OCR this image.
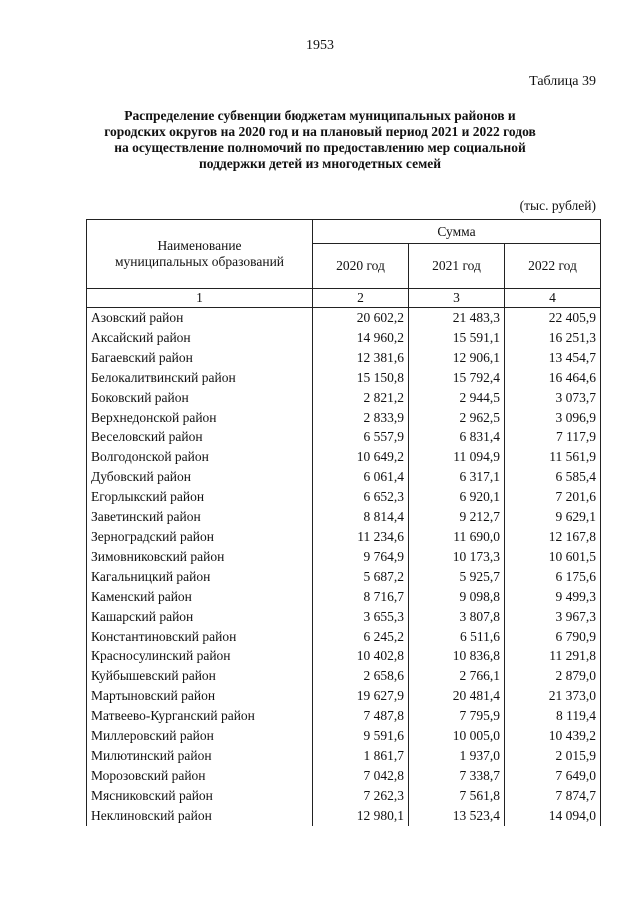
1953
Таблица 39
Распределение субвенции бюджетам муниципальных районов и
городских округов на 2020 год и на плановый период 2021 и 2022 годов
на осуществление полномочий по предоставлению мер социальной
поддержки детей из многодетных семей
(тыс. рублей)
Наименование
муниципальных образований	Сумма		
	2020 год	2021 год	2022 год
1	2	3	4
Азовский район	20 602,2	21 483,3	22 405,9
Аксайский район	14 960,2	15 591,1	16 251,3
Багаевский район	12 381,6	12 906,1	13 454,7
Белокалитвинский район	15 150,8	15 792,4	16 464,6
Боковский район	2 821,2	2 944,5	3 073,7
Верхнедонской район	2 833,9	2 962,5	3 096,9
Веселовский район	6 557,9	6 831,4	7 117,9
Волгодонской район	10 649,2	11 094,9	11 561,9
Дубовский район	6 061,4	6 317,1	6 585,4
Егорлыкский район	6 652,3	6 920,1	7 201,6
Заветинский район	8 814,4	9 212,7	9 629,1
Зерноградский район	11 234,6	11 690,0	12 167,8
Зимовниковский район	9 764,9	10 173,3	10 601,5
Кагальницкий район	5 687,2	5 925,7	6 175,6
Каменский район	8 716,7	9 098,8	9 499,3
Кашарский район	3 655,3	3 807,8	3 967,3
Константиновский район	6 245,2	6 511,6	6 790,9
Красносулинский район	10 402,8	10 836,8	11 291,8
Куйбышевский район	2 658,6	2 766,1	2 879,0
Мартыновский район	19 627,9	20 481,4	21 373,0
Матвеево-Курганский район	7 487,8	7 795,9	8 119,4
Миллеровский район	9 591,6	10 005,0	10 439,2
Милютинский район	1 861,7	1 937,0	2 015,9
Морозовский район	7 042,8	7 338,7	7 649,0
Мясниковский район	7 262,3	7 561,8	7 874,7
Неклиновский район	12 980,1	13 523,4	14 094,0
